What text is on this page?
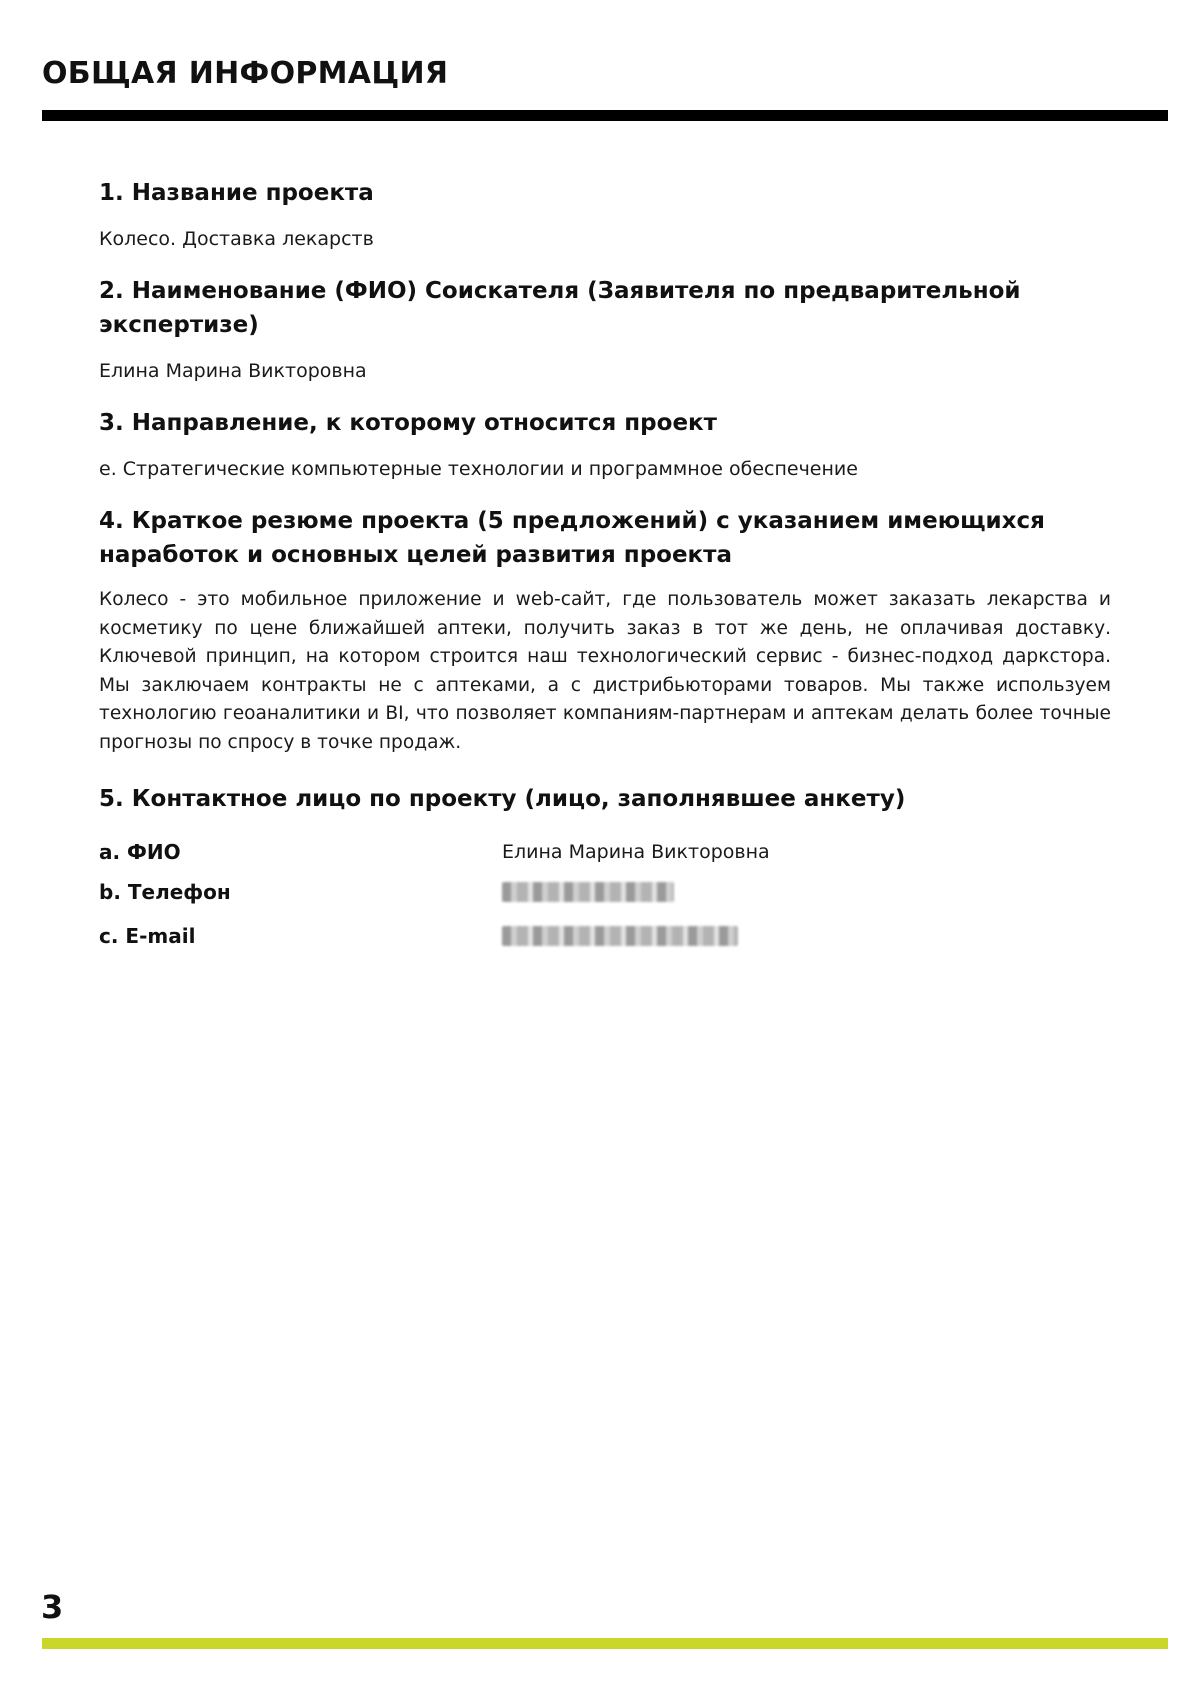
ОБЩАЯ ИНФОРМАЦИЯ
1. Название проекта

Колесо. Доставка лекарств

2. Наименование (ФИО) Соискателя (Заявителя по предварительной экспертизе)

Елина Марина Викторовна

3. Направление, к которому относится проект

e. Стратегические компьютерные технологии и программное обеспечение

4. Краткое резюме проекта (5 предложений) с указанием имеющихся наработок и основных целей развития проекта

Колесо - это мобильное приложение и web-сайт, где пользователь может заказать лекарства и косметику по цене ближайшей аптеки, получить заказ в тот же день, не оплачивая доставку. Ключевой принцип, на котором строится наш технологический сервис - бизнес-подход даркстора. Мы заключаем контракты не с аптеками, а с дистрибьюторами товаров. Мы также используем технологию геоаналитики и BI, что позволяет компаниям-партнерам и аптекам делать более точные прогнозы по спросу в точке продаж.

5. Контактное лицо по проекту (лицо, заполнявшее анкету)
a. ФИО	Елина Марина Викторовна
b. Телефон
c. E-mail
3
